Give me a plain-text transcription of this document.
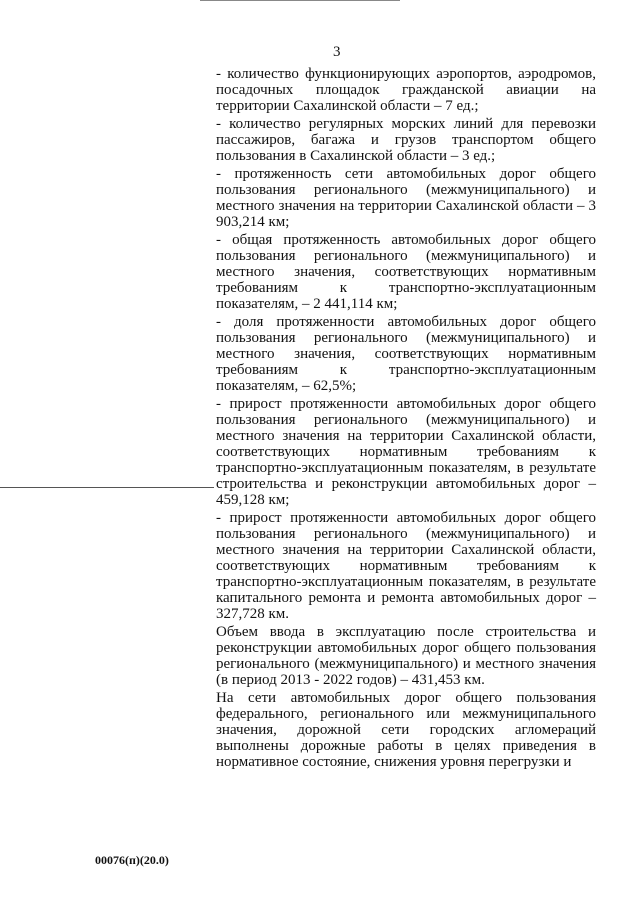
3

- количество функционирующих аэропортов, аэродромов, посадочных площадок гражданской авиации на территории Сахалинской области – 7 ед.;

- количество регулярных морских линий для перевозки пассажиров, багажа и грузов транспортом общего пользования в Сахалинской области – 3 ед.;

- протяженность сети автомобильных дорог общего пользования регионального (межмуниципального) и местного значения на территории Сахалинской области – 3 903,214 км;

- общая протяженность автомобильных дорог общего пользования регионального (межмуниципального) и местного значения, соответствующих нормативным требованиям к транспортно-эксплуатационным показателям, – 2 441,114 км;

- доля протяженности автомобильных дорог общего пользования регионального (межмуниципального) и местного значения, соответствующих нормативным требованиям к транспортно-эксплуатационным показателям, – 62,5%;

- прирост протяженности автомобильных дорог общего пользования регионального (межмуниципального) и местного значения на территории Сахалинской области, соответствующих нормативным требованиям к транспортно-эксплуатационным показателям, в результате строительства и реконструкции автомобильных дорог – 459,128 км;

- прирост протяженности автомобильных дорог общего пользования регионального (межмуниципального) и местного значения на территории Сахалинской области, соответствующих нормативным требованиям к транспортно-эксплуатационным показателям, в результате капитального ремонта и ремонта автомобильных дорог – 327,728 км.

Объем ввода в эксплуатацию после строительства и реконструкции автомобильных дорог общего пользования регионального (межмуниципального) и местного значения (в период 2013 - 2022 годов) – 431,453 км.

На сети автомобильных дорог общего пользования федерального, регионального или межмуниципального значения, дорожной сети городских агломераций выполнены дорожные работы в целях приведения в нормативное состояние, снижения уровня перегрузки и

00076(п)(20.0)
